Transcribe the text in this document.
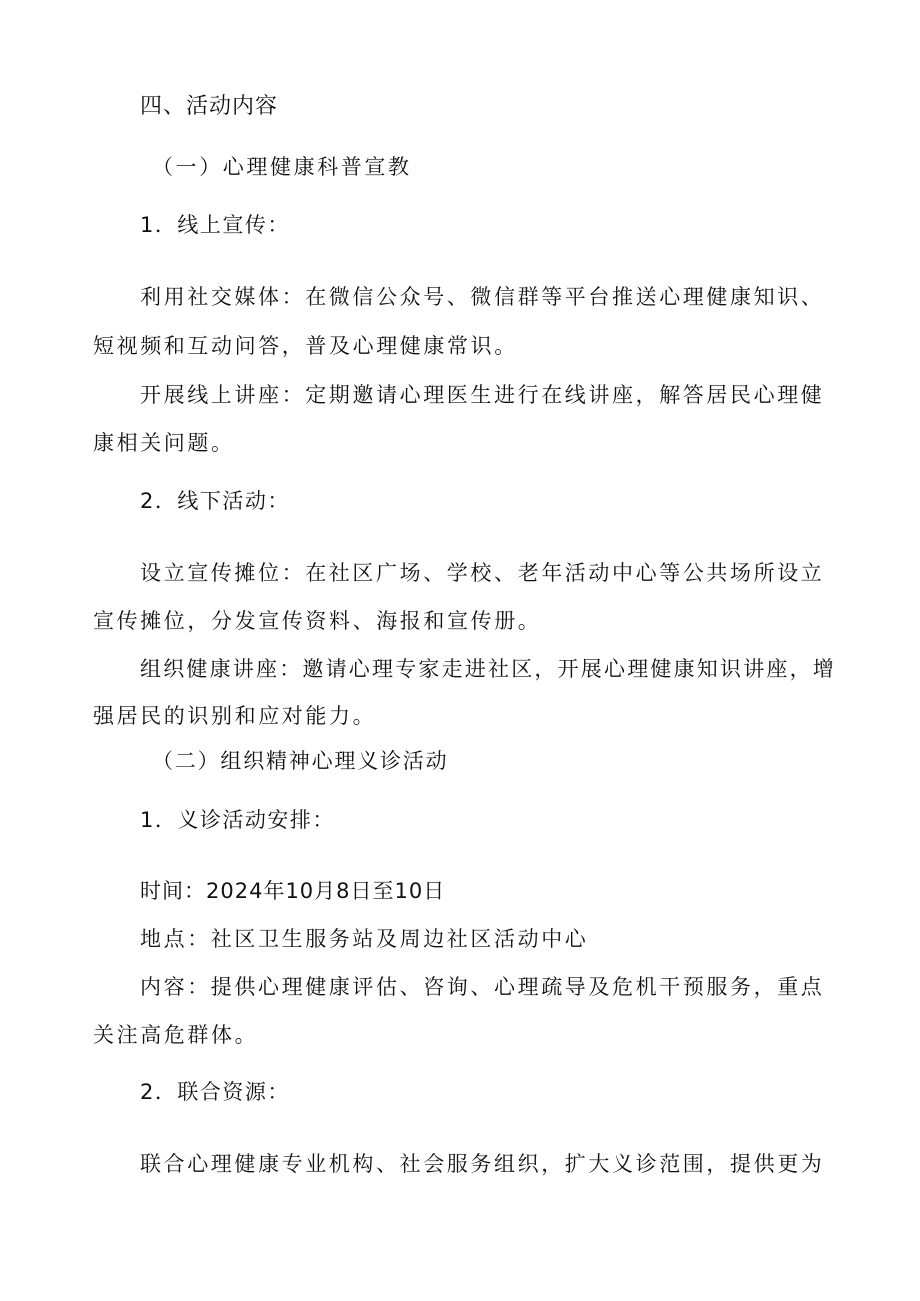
四、活动内容
（一）心理健康科普宣教
1．线上宣传：
利用社交媒体：在微信公众号、微信群等平台推送心理健康知识、
短视频和互动问答，普及心理健康常识。
开展线上讲座：定期邀请心理医生进行在线讲座，解答居民心理健
康相关问题。
2．线下活动：
设立宣传摊位：在社区广场、学校、老年活动中心等公共场所设立
宣传摊位，分发宣传资料、海报和宣传册。
组织健康讲座：邀请心理专家走进社区，开展心理健康知识讲座，增
强居民的识别和应对能力。
（二）组织精神心理义诊活动
1．义诊活动安排：
时间：2024年10月8日至10日
地点：社区卫生服务站及周边社区活动中心
内容：提供心理健康评估、咨询、心理疏导及危机干预服务，重点
关注高危群体。
2．联合资源：
联合心理健康专业机构、社会服务组织，扩大义诊范围，提供更为
